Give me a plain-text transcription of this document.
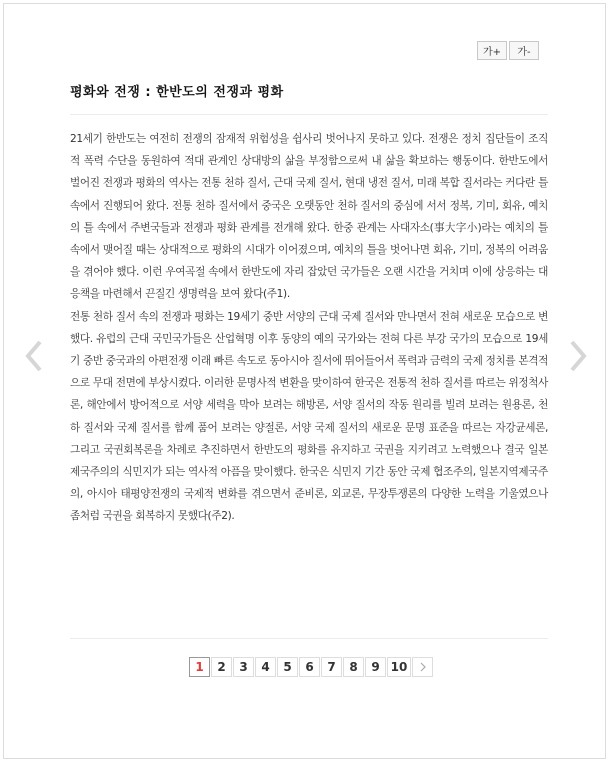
가+	가-
평화와 전쟁 : 한반도의 전쟁과 평화

21세기 한반도는 여전히 전쟁의 잠재적 위험성을 쉽사리 벗어나지 못하고 있다. 전쟁은 정치 집단들이 조직적 폭력 수단을 동원하여 적대 관계인 상대방의 삶을 부정함으로써 내 삶을 확보하는 행동이다. 한반도에서 벌어진 전쟁과 평화의 역사는 전통 천하 질서, 근대 국제 질서, 현대 냉전 질서, 미래 복합 질서라는 커다란 틀 속에서 진행되어 왔다. 전통 천하 질서에서 중국은 오랫동안 천하 질서의 중심에 서서 정복, 기미, 회유, 예치의 틀 속에서 주변국들과 전쟁과 평화 관계를 전개해 왔다. 한중 관계는 사대자소(事大字小)라는 예치의 틀 속에서 맺어질 때는 상대적으로 평화의 시대가 이어졌으며, 예치의 틀을 벗어나면 회유, 기미, 정복의 어려움을 겪어야 했다. 이런 우여곡절 속에서 한반도에 자리 잡았던 국가들은 오랜 시간을 거치며 이에 상응하는 대응책을 마련해서 끈질긴 생명력을 보여 왔다(주1).

전통 천하 질서 속의 전쟁과 평화는 19세기 중반 서양의 근대 국제 질서와 만나면서 전혀 새로운 모습으로 변했다. 유럽의 근대 국민국가들은 산업혁명 이후 동양의 예의 국가와는 전혀 다른 부강 국가의 모습으로 19세기 중반 중국과의 아편전쟁 이래 빠른 속도로 동아시아 질서에 뛰어들어서 폭력과 금력의 국제 정치를 본격적으로 무대 전면에 부상시켰다. 이러한 문명사적 변환을 맞이하여 한국은 전통적 천하 질서를 따르는 위정척사론, 해안에서 방어적으로 서양 세력을 막아 보려는 해방론, 서양 질서의 작동 원리를 빌려 보려는 원용론, 천하 질서와 국제 질서를 함께 품어 보려는 양절론, 서양 국제 질서의 새로운 문명 표준을 따르는 자강균세론, 그리고 국권회복론을 차례로 추진하면서 한반도의 평화를 유지하고 국권을 지키려고 노력했으나 결국 일본 제국주의의 식민지가 되는 역사적 아픔을 맞이했다. 한국은 식민지 기간 동안 국제 협조주의, 일본지역제국주의, 아시아 태평양전쟁의 국제적 변화를 겪으면서 준비론, 외교론, 무장투쟁론의 다양한 노력을 기울였으나 좀처럼 국권을 회복하지 못했다(주2).

1	2	3	4	5	6	7	8	9 10
